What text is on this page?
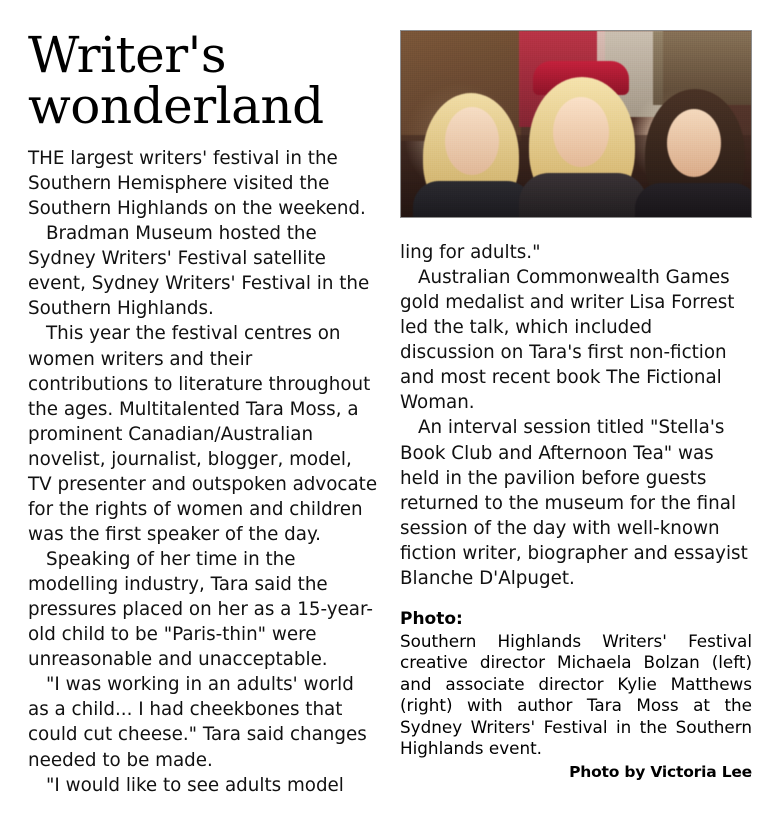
Writer's
wonderland

THE largest writers' festival in the Southern Hemisphere visited the Southern Highlands on the weekend.

Bradman Museum hosted the Sydney Writers' Festival satellite event, Sydney Writers' Festival in the Southern Highlands.

This year the festival centres on women writers and their contributions to literature throughout the ages. Multitalented Tara Moss, a prominent Canadian/Australian novelist, journalist, blogger, model, TV presenter and outspoken advocate for the rights of women and children was the first speaker of the day.

Speaking of her time in the modelling industry, Tara said the pressures placed on her as a 15-year-old child to be "Paris-thin" were unreasonable and unacceptable.

"I was working in an adults' world as a child... I had cheekbones that could cut cheese." Tara said changes needed to be made.

"I would like to see adults model

ling for adults."

Australian Commonwealth Games gold medalist and writer Lisa Forrest led the talk, which included discussion on Tara's first non-fiction and most recent book The Fictional Woman.

An interval session titled "Stella's Book Club and Afternoon Tea" was held in the pavilion before guests returned to the museum for the final session of the day with well-known fiction writer, biographer and essayist Blanche D'Alpuget.

Photo:
Southern Highlands Writers' Festival creative director Michaela Bolzan (left) and associate director Kylie Matthews (right) with author Tara Moss at the Sydney Writers' Festival in the Southern Highlands event.
Photo by Victoria Lee
